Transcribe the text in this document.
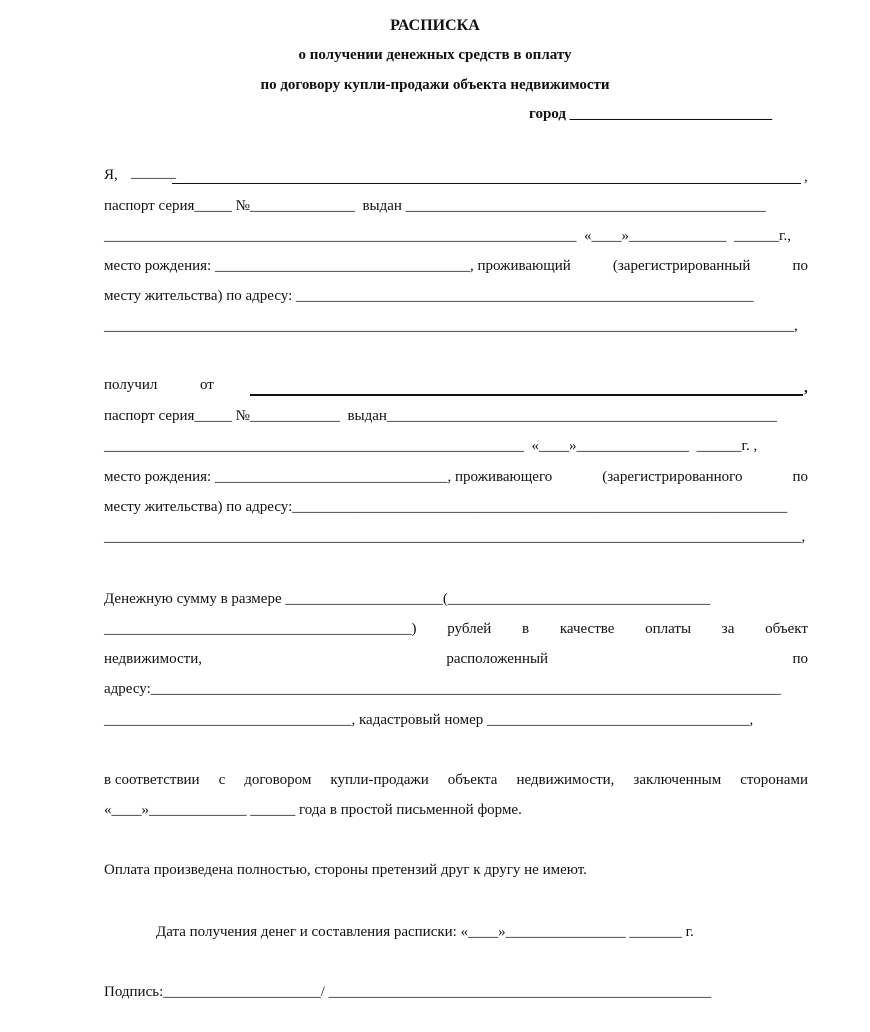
РАСПИСКА
о получении денежных средств в оплату
по договору купли-продажи объекта недвижимости
город ___________________________
Я, ______	,
паспорт серия_____ №______________  выдан ________________________________________________
_______________________________________________________________  «____»_____________  ______г.,
место рождения: __________________________________, проживающий	(зарегистрированный	по
месту жительства) по адресу: _____________________________________________________________
____________________________________________________________________________________________,
получил	от	,
паспорт серия_____ №____________  выдан____________________________________________________
________________________________________________________  «____»_______________  ______г. ,
место рождения: _______________________________, проживающего	(зарегистрированного	по
месту жительства) по адресу:__________________________________________________________________
_____________________________________________________________________________________________,
Денежную сумму в размере _____________________(___________________________________
_________________________________________) рублей в качестве оплаты за объект
недвижимости,	расположенный	по
адресу:____________________________________________________________________________________
_________________________________, кадастровый номер ___________________________________,
в соответствии с договором купли-продажи объекта недвижимости, заключенным сторонами
«____»_____________ ______ года в простой письменной форме.
Оплата произведена полностью, стороны претензий друг к другу не имеют.
Дата получения денег и составления расписки: «____»________________ _______ г.
Подпись:_____________________/ ___________________________________________________
